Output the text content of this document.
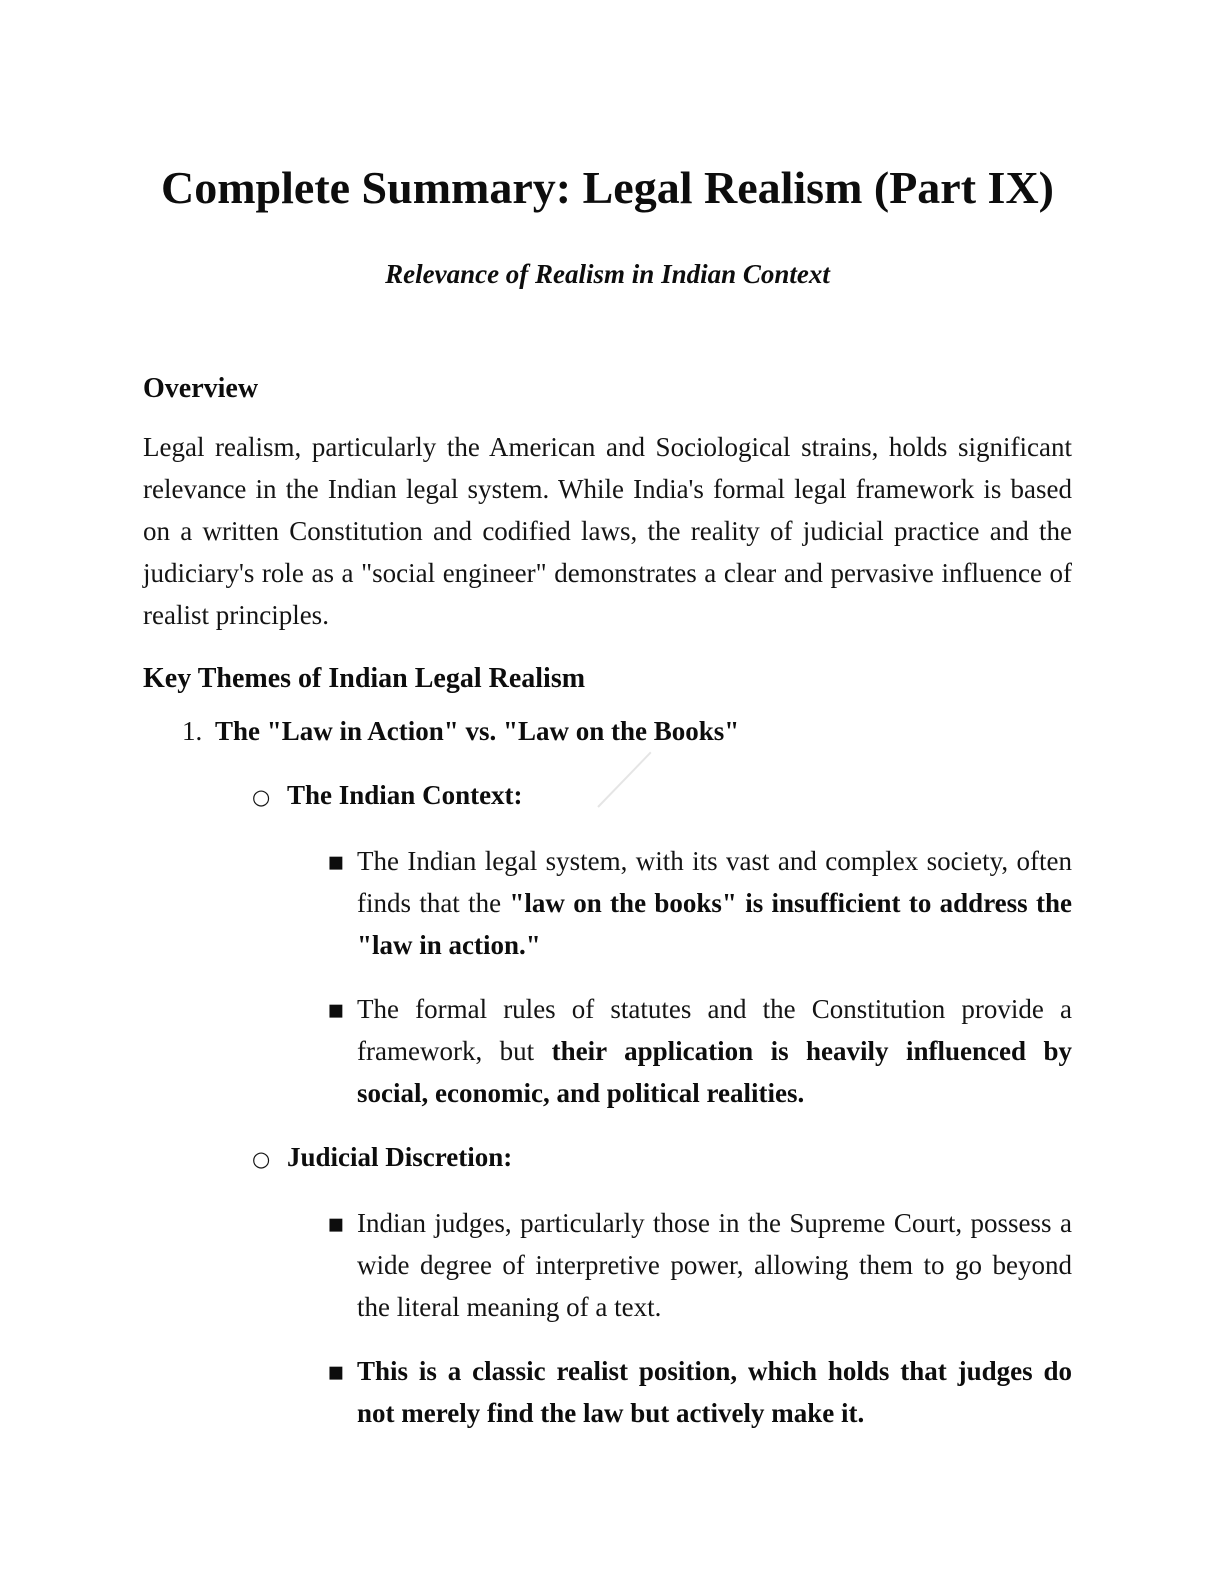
Complete Summary: Legal Realism (Part IX)
Relevance of Realism in Indian Context
Overview
Legal realism, particularly the American and Sociological strains, holds significant relevance in the Indian legal system. While India's formal legal framework is based on a written Constitution and codified laws, the reality of judicial practice and the judiciary's role as a "social engineer" demonstrates a clear and pervasive influence of realist principles.
Key Themes of Indian Legal Realism
1. The "Law in Action" vs. "Law on the Books"
○ The Indian Context:
▪ The Indian legal system, with its vast and complex society, often finds that the "law on the books" is insufficient to address the "law in action."
▪ The formal rules of statutes and the Constitution provide a framework, but their application is heavily influenced by social, economic, and political realities.
○ Judicial Discretion:
▪ Indian judges, particularly those in the Supreme Court, possess a wide degree of interpretive power, allowing them to go beyond the literal meaning of a text.
▪ This is a classic realist position, which holds that judges do not merely find the law but actively make it.
